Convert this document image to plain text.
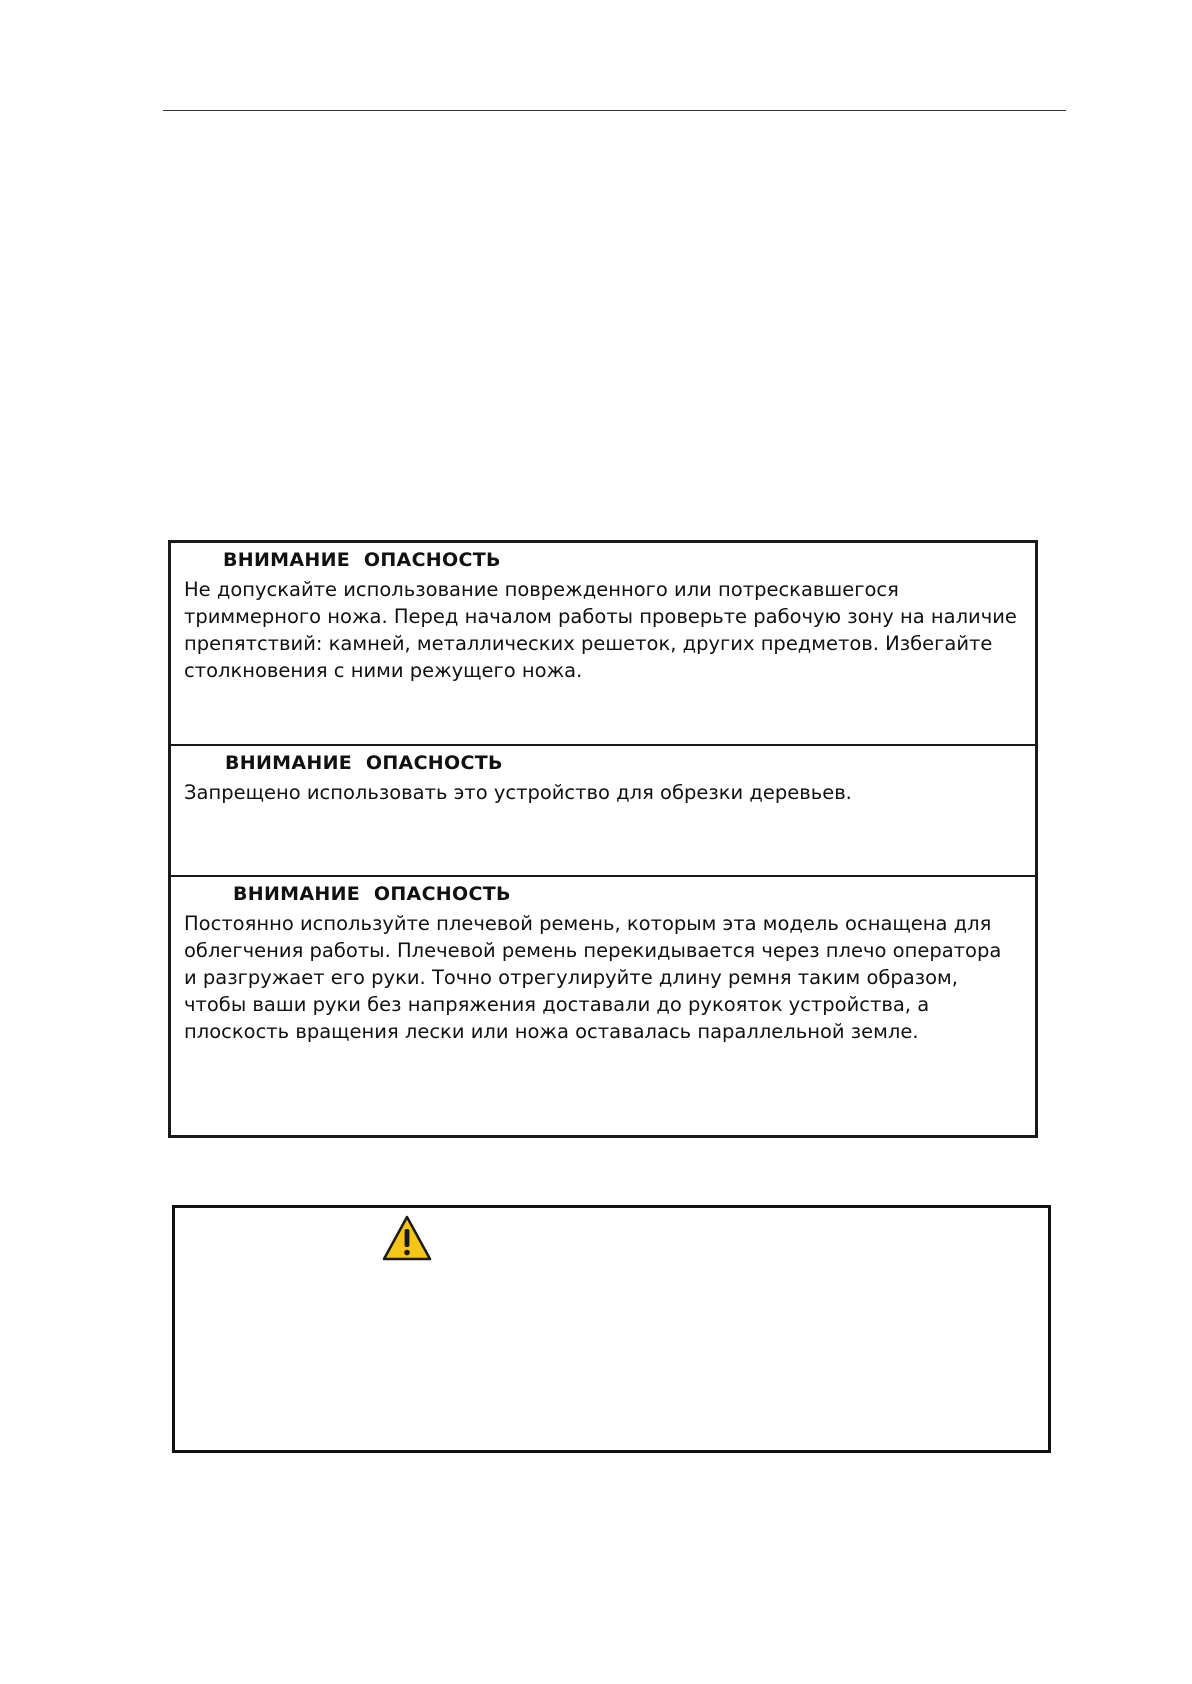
ВНИМАНИЕ  ОПАСНОСТЬ
Не допускайте использование поврежденного или потрескавшегося
триммерного ножа. Перед началом работы проверьте рабочую зону на наличие
препятствий: камней, металлических решеток, других предметов. Избегайте
столкновения с ними режущего ножа.
ВНИМАНИЕ  ОПАСНОСТЬ
Запрещено использовать это устройство для обрезки деревьев.
ВНИМАНИЕ  ОПАСНОСТЬ
Постоянно используйте плечевой ремень, которым эта модель оснащена для
облегчения работы. Плечевой ремень перекидывается через плечо оператора
и разгружает его руки. Точно отрегулируйте длину ремня таким образом,
чтобы ваши руки без напряжения доставали до рукояток устройства, а
плоскость вращения лески или ножа оставалась параллельной земле.
